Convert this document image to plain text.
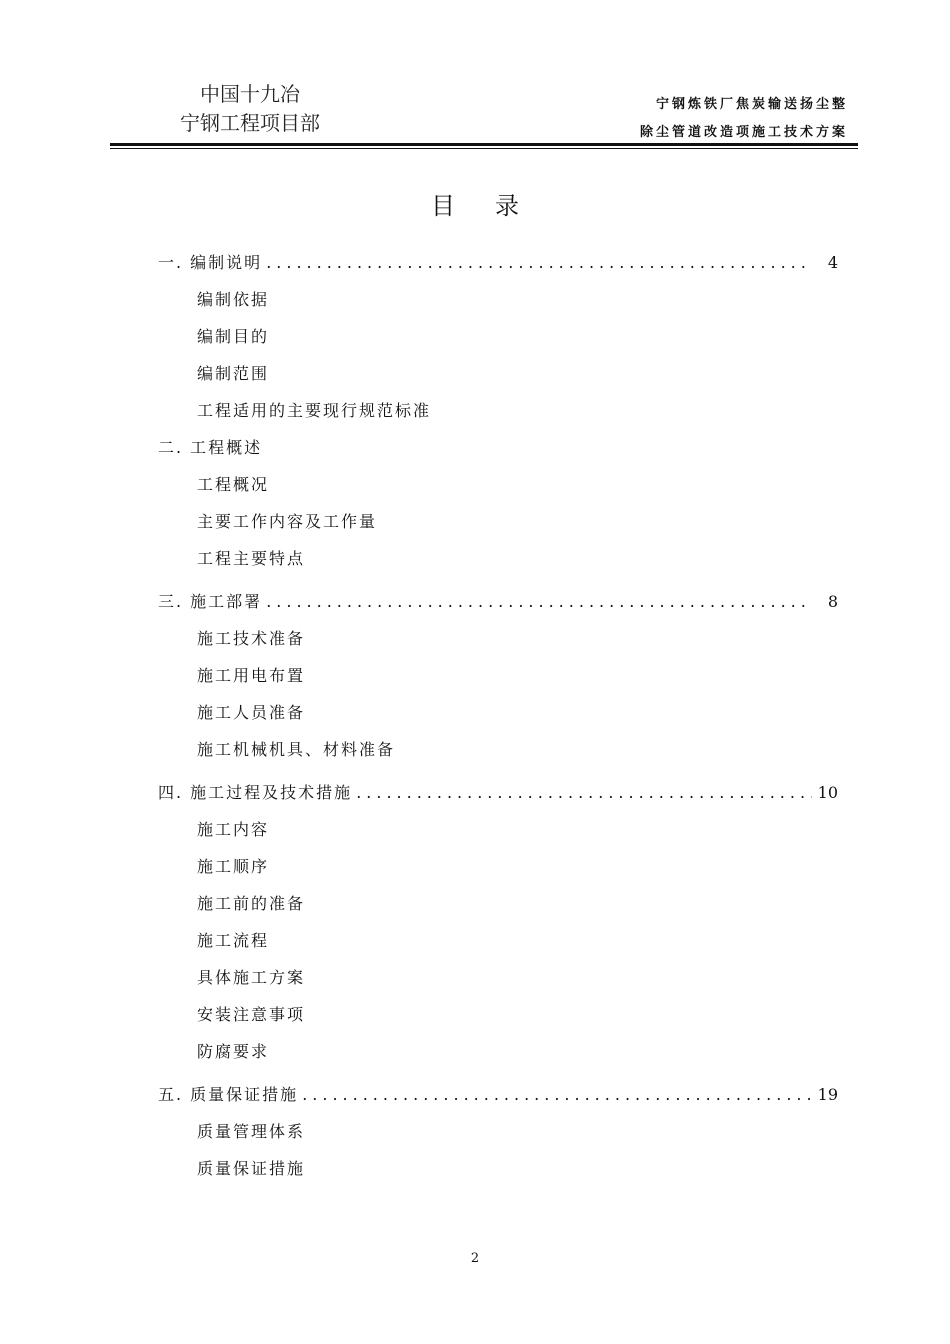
中国十九冶
宁钢工程项目部
宁钢炼铁厂焦炭输送扬尘整
除尘管道改造项施工技术方案
目录
一. 编制说明 .....	4
编制依据
编制目的
编制范围
工程适用的主要现行规范标准
二. 工程概述
工程概况
主要工作内容及工作量
工程主要特点
三. 施工部署 .....	8
施工技术准备
施工用电布置
施工人员准备
施工机械机具、材料准备
四. 施工过程及技术措施 .....	10
施工内容
施工顺序
施工前的准备
施工流程
具体施工方案
安装注意事项
防腐要求
五. 质量保证措施 .....	19
质量管理体系
质量保证措施
2
